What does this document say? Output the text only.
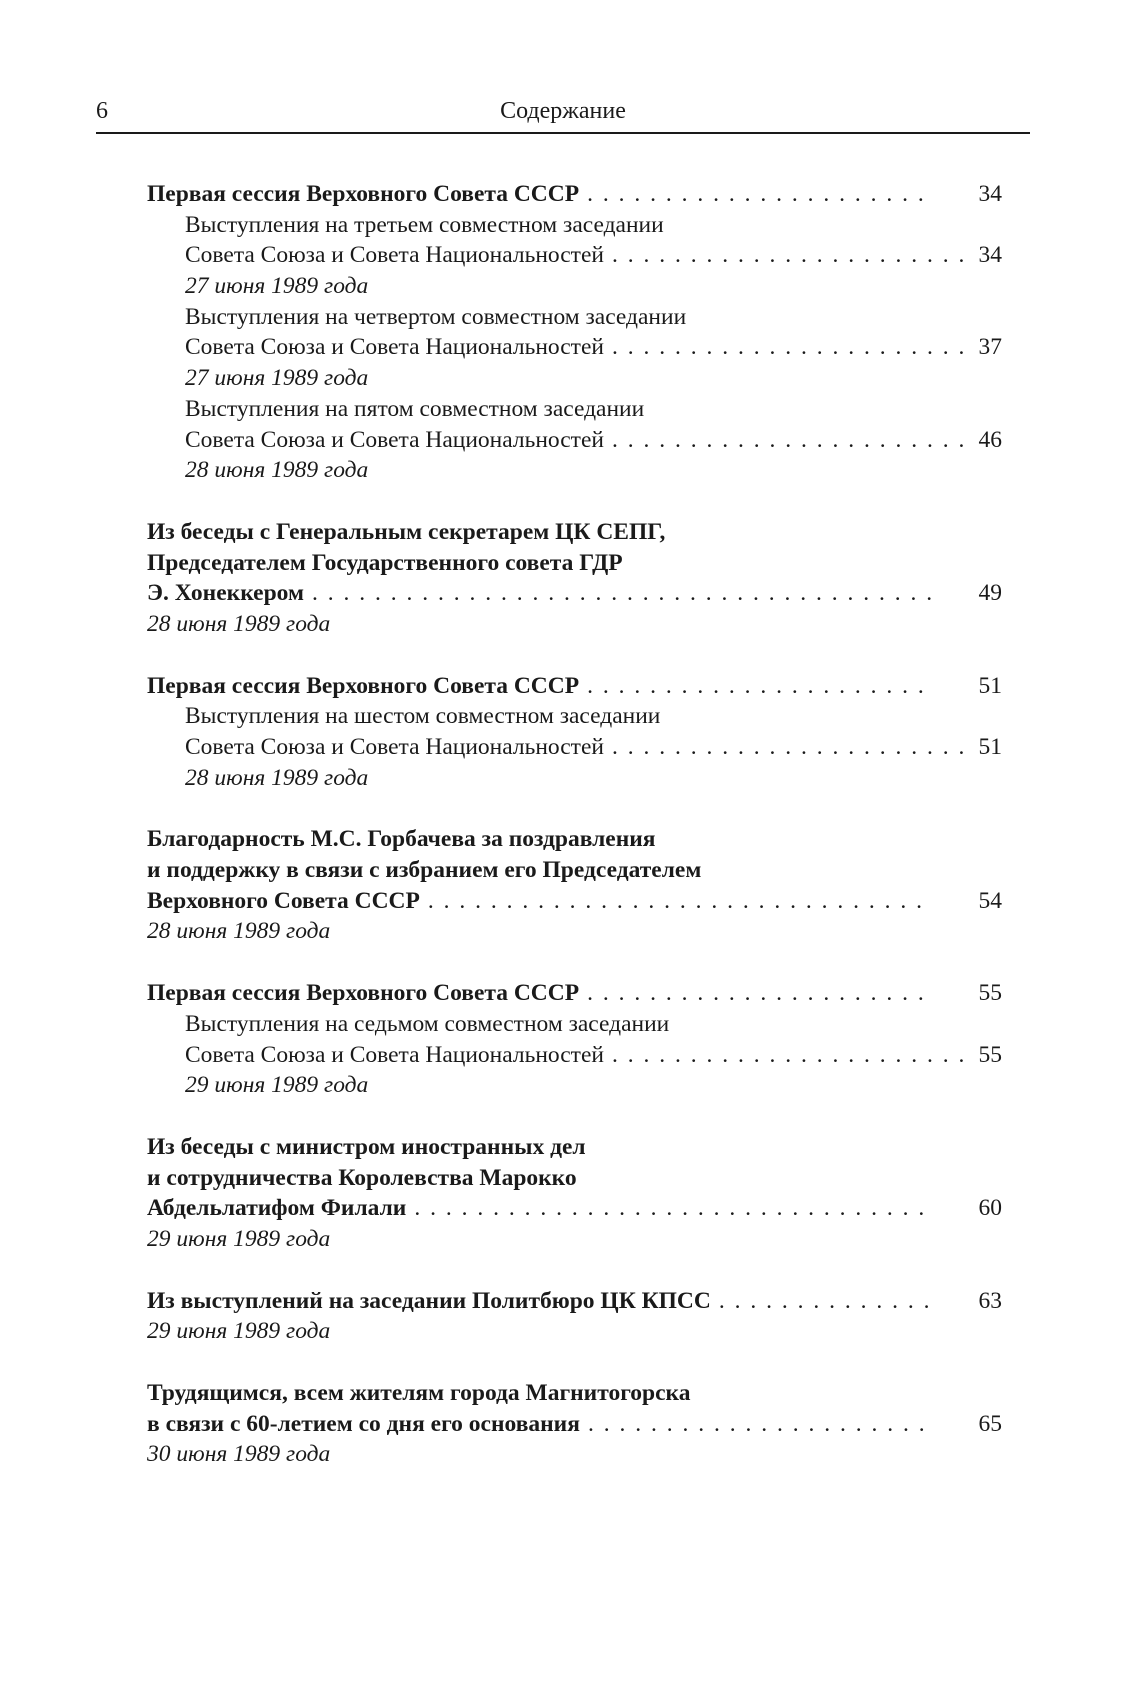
6	Содержание
Первая сессия Верховного Совета СССР . . .	34
Выступления на третьем совместном заседании
Совета Союза и Совета Национальностей . . .	34
27 июня 1989 года
Выступления на четвертом совместном заседании
Совета Союза и Совета Национальностей . . .	37
27 июня 1989 года
Выступления на пятом совместном заседании
Совета Союза и Совета Национальностей . . .	46
28 июня 1989 года
Из беседы с Генеральным секретарем ЦК СЕПГ,
Председателем Государственного совета ГДР
Э. Хонеккером . . .	49
28 июня 1989 года
Первая сессия Верховного Совета СССР . . .	51
Выступления на шестом совместном заседании
Совета Союза и Совета Национальностей . . .	51
28 июня 1989 года
Благодарность М.С. Горбачева за поздравления
и поддержку в связи с избранием его Председателем
Верховного Совета СССР . . .	54
28 июня 1989 года
Первая сессия Верховного Совета СССР . . .	55
Выступления на седьмом совместном заседании
Совета Союза и Совета Национальностей . . .	55
29 июня 1989 года
Из беседы с министром иностранных дел
и сотрудничества Королевства Марокко
Абдельлатифом Филали . . .	60
29 июня 1989 года
Из выступлений на заседании Политбюро ЦК КПСС . . .	63
29 июня 1989 года
Трудящимся, всем жителям города Магнитогорска
в связи с 60-летием со дня его основания . . .	65
30 июня 1989 года
